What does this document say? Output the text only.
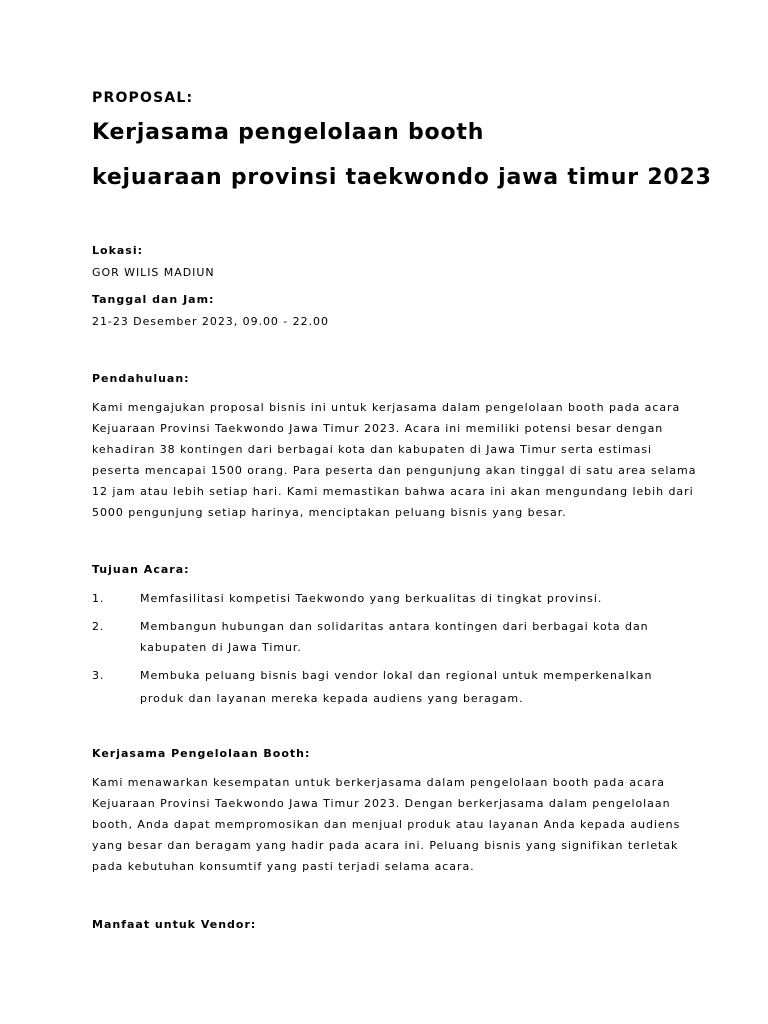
PROPOSAL:
Kerjasama pengelolaan booth
kejuaraan provinsi taekwondo jawa timur 2023
Lokasi:
GOR WILIS MADIUN
Tanggal dan Jam:
21-23 Desember 2023, 09.00 - 22.00
Pendahuluan:
Kami mengajukan proposal bisnis ini untuk kerjasama dalam pengelolaan booth pada acara
Kejuaraan Provinsi Taekwondo Jawa Timur 2023. Acara ini memiliki potensi besar dengan
kehadiran 38 kontingen dari berbagai kota dan kabupaten di Jawa Timur serta estimasi
peserta mencapai 1500 orang. Para peserta dan pengunjung akan tinggal di satu area selama
12 jam atau lebih setiap hari. Kami memastikan bahwa acara ini akan mengundang lebih dari
5000 pengunjung setiap harinya, menciptakan peluang bisnis yang besar.
Tujuan Acara:
1.	Memfasilitasi kompetisi Taekwondo yang berkualitas di tingkat provinsi.
2.	Membangun hubungan dan solidaritas antara kontingen dari berbagai kota dan
kabupaten di Jawa Timur.
3.	Membuka peluang bisnis bagi vendor lokal dan regional untuk memperkenalkan
produk dan layanan mereka kepada audiens yang beragam.
Kerjasama Pengelolaan Booth:
Kami menawarkan kesempatan untuk berkerjasama dalam pengelolaan booth pada acara
Kejuaraan Provinsi Taekwondo Jawa Timur 2023. Dengan berkerjasama dalam pengelolaan
booth, Anda dapat mempromosikan dan menjual produk atau layanan Anda kepada audiens
yang besar dan beragam yang hadir pada acara ini. Peluang bisnis yang signifikan terletak
pada kebutuhan konsumtif yang pasti terjadi selama acara.
Manfaat untuk Vendor:
